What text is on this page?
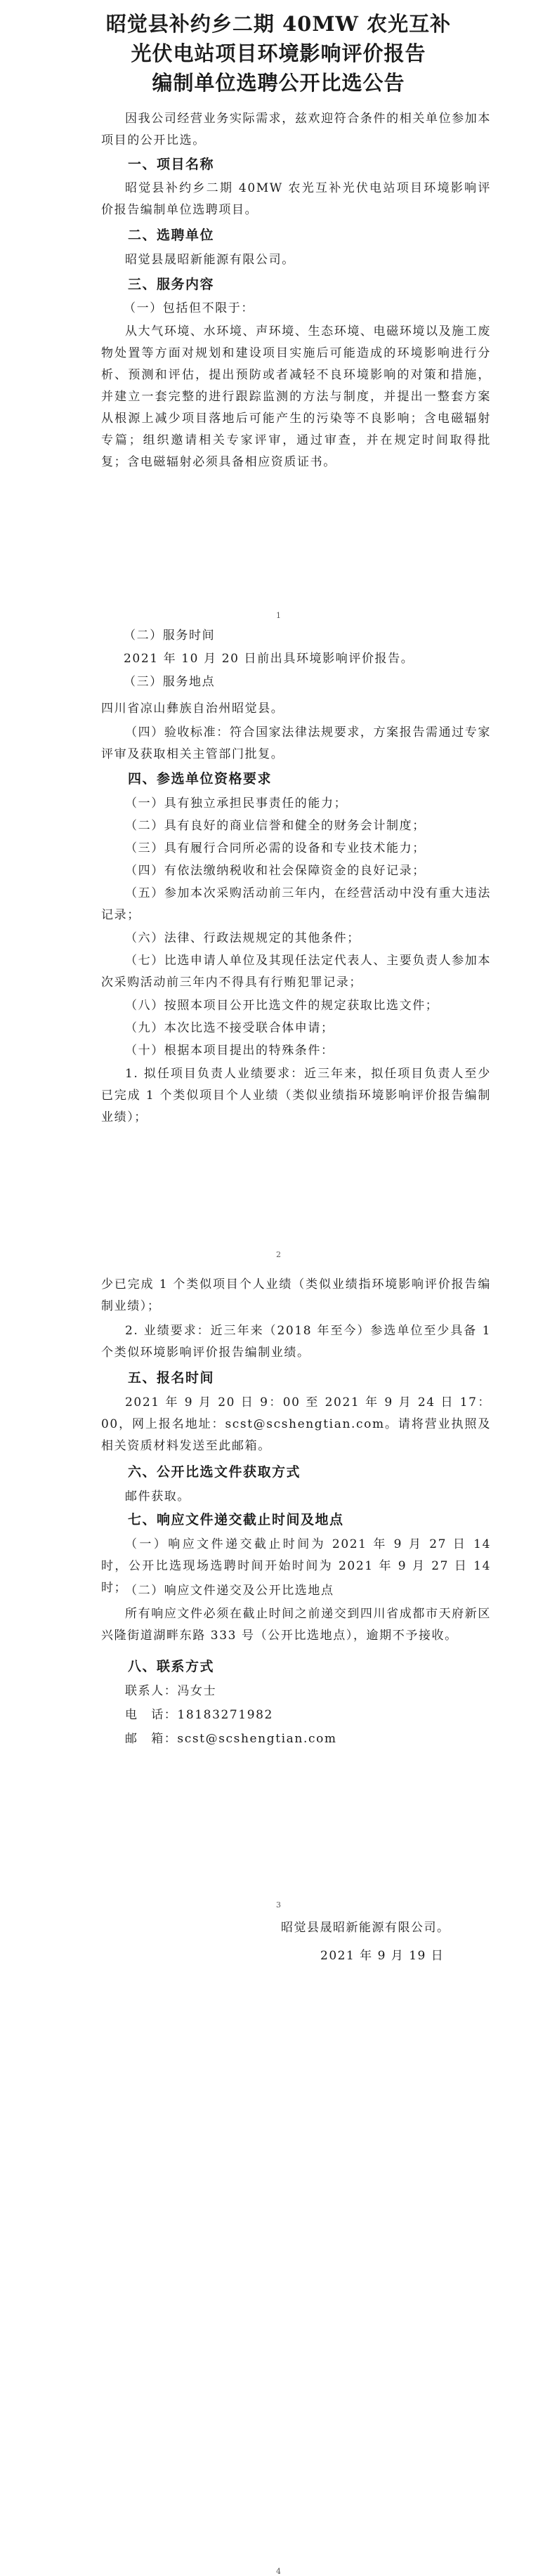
昭觉县补约乡二期 40MW 农光互补
光伏电站项目环境影响评价报告
编制单位选聘公开比选公告

因我公司经营业务实际需求，兹欢迎符合条件的相关单位参加本项目的公开比选。

一、项目名称

昭觉县补约乡二期 40MW 农光互补光伏电站项目环境影响评价报告编制单位选聘项目。

二、选聘单位

昭觉县晟昭新能源有限公司。

三、服务内容

（一）包括但不限于：

从大气环境、水环境、声环境、生态环境、电磁环境以及施工废物处置等方面对规划和建设项目实施后可能造成的环境影响进行分析、预测和评估，提出预防或者减轻不良环境影响的对策和措施，并建立一套完整的进行跟踪监测的方法与制度，并提出一整套方案从根源上减少项目落地后可能产生的污染等不良影响；含电磁辐射专篇；组织邀请相关专家评审，通过审查，并在规定时间取得批复；含电磁辐射必须具备相应资质证书。

1

（二）服务时间

2021 年 10 月 20 日前出具环境影响评价报告。

（三）服务地点

四川省凉山彝族自治州昭觉县。

（四）验收标准：符合国家法律法规要求，方案报告需通过专家评审及获取相关主管部门批复。

四、参选单位资格要求

（一）具有独立承担民事责任的能力；

（二）具有良好的商业信誉和健全的财务会计制度；

（三）具有履行合同所必需的设备和专业技术能力；

（四）有依法缴纳税收和社会保障资金的良好记录；

（五）参加本次采购活动前三年内，在经营活动中没有重大违法记录；

（六）法律、行政法规规定的其他条件；

（七）比选申请人单位及其现任法定代表人、主要负责人参加本次采购活动前三年内不得具有行贿犯罪记录；

（八）按照本项目公开比选文件的规定获取比选文件；

（九）本次比选不接受联合体申请；

（十）根据本项目提出的特殊条件：

1. 拟任项目负责人业绩要求：近三年来，拟任项目负责人至少已完成 1 个类似项目个人业绩（类似业绩指环境影响评价报告编制业绩）；

2

少已完成 1 个类似项目个人业绩（类似业绩指环境影响评价报告编制业绩）；

2. 业绩要求：近三年来（2018 年至今）参选单位至少具备 1 个类似环境影响评价报告编制业绩。

五、报名时间

2021 年 9 月 20 日 9：00 至 2021 年 9 月 24 日 17：00，网上报名地址：scst@scshengtian.com。请将营业执照及相关资质材料发送至此邮箱。

六、公开比选文件获取方式

邮件获取。

七、响应文件递交截止时间及地点

（一）响应文件递交截止时间为 2021 年 9 月 27 日 14 时，公开比选现场选聘时间开始时间为 2021 年 9 月 27 日 14 时；

（二）响应文件递交及公开比选地点

所有响应文件必须在截止时间之前递交到四川省成都市天府新区兴隆街道湖畔东路 333 号（公开比选地点），逾期不予接收。

八、联系方式

联系人：冯女士

电　话：18183271982

邮　箱：scst@scshengtian.com

3

昭觉县晟昭新能源有限公司。

2021 年 9 月 19 日

4
